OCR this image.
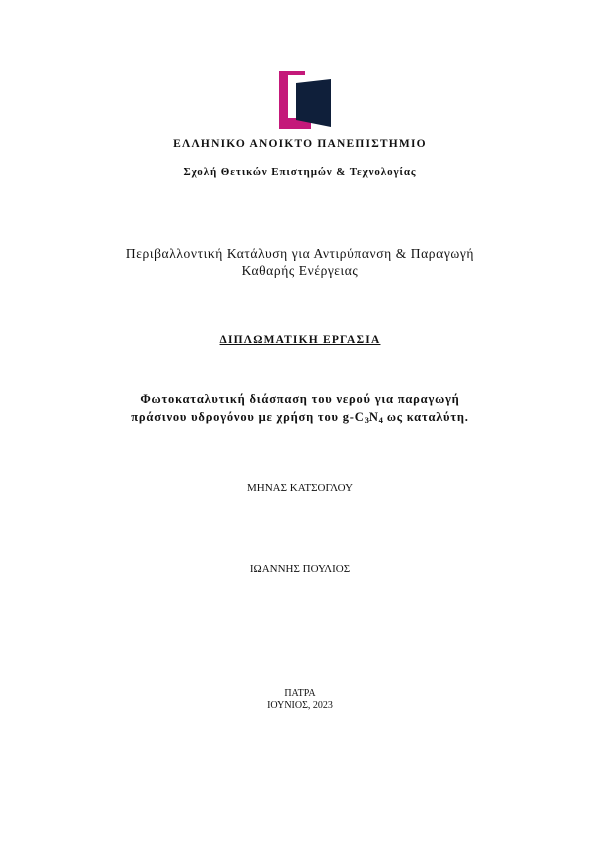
ΕΛΛΗΝΙΚΟ ΑΝΟΙΚΤΟ ΠΑΝΕΠΙΣΤΗΜΙΟ
Σχολή Θετικών Επιστημών & Τεχνολογίας
Περιβαλλοντική Κατάλυση για Αντιρύπανση & Παραγωγή
Καθαρής Ενέργειας
ΔΙΠΛΩΜΑΤΙΚΗ ΕΡΓΑΣΙΑ
Φωτοκαταλυτική διάσπαση του νερού για παραγωγή
πράσινου υδρογόνου με χρήση του $g-C_3N_4$ ως καταλύτη.
ΜΗΝΑΣ ΚΑΤΣΟΓΛΟΥ
ΙΩΑΝΝΗΣ ΠΟΥΛΙΟΣ
ΠΑΤΡΑ
ΙΟΥΝΙΟΣ, 2023
